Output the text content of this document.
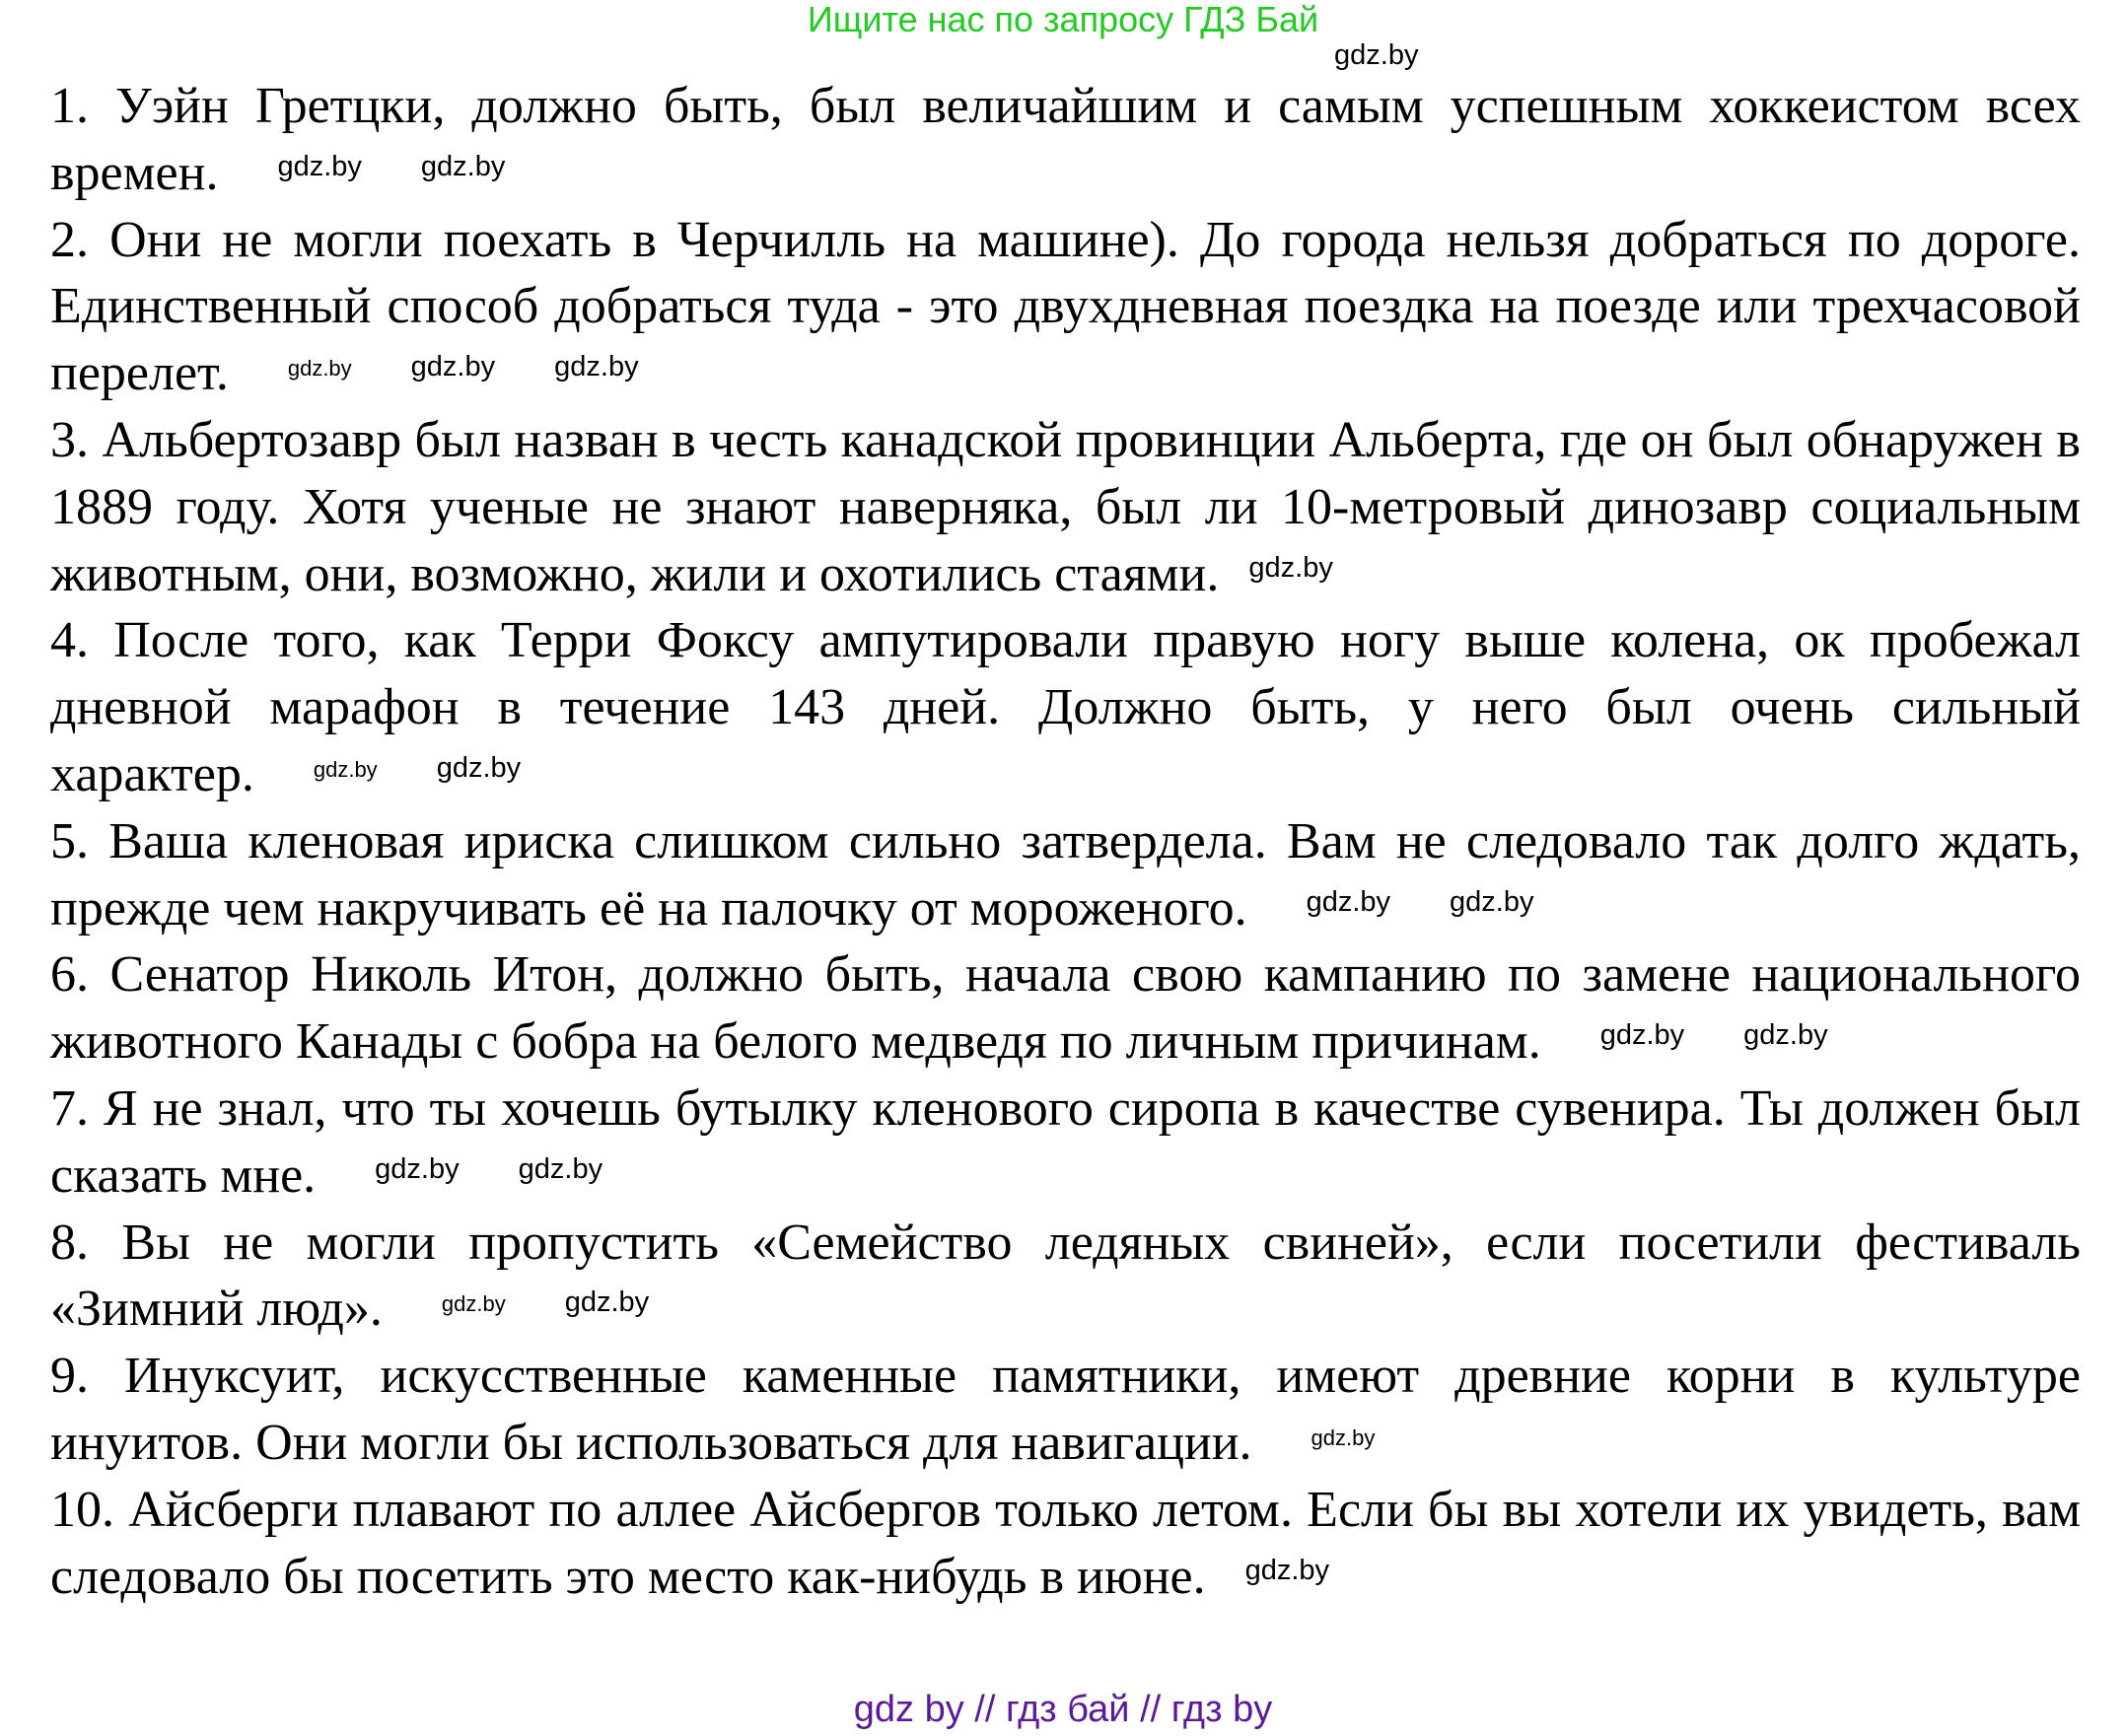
Ищите нас по запросу ГДЗ Бай
gdz.by

1. Уэйн Гретцки, должно быть, был величайшим и самым успешным хоккеистом всех времен. $^{gdz.by}$ $^{gdz.by}$

2. Они не могли поехать в Черчилль на машине). До города нельзя добраться по дороге. Единственный способ добраться туда - это двухдневная поездка на поезде или трехчасовой перелет.	$^{gdz.by}$ $^{gdz.by}$ $^{gdz.by}$

3. Альбертозавр был назван в честь канадской провинции Альберта, где он был обнаружен в 1889 году. Хотя ученые не знают наверняка, был ли 10-метровый динозавр социальным животным, они, возможно, жили и охотились стаями. $^{gdz.by}$

4. После того, как Терри Фоксу ампутировали правую ногу выше колена, ок пробежал дневной марафон в течение 143 дней. Должно быть, у него был очень сильный характер.	$^{gdz.by}$ $^{gdz.by}$

5. Ваша кленовая ириска слишком сильно затвердела. Вам не следовало так долго ждать, прежде чем накручивать её на палочку от мороженого. $^{gdz.by}$ $^{gdz.by}$

6. Сенатор Николь Итон, должно быть, начала свою кампанию по замене национального животного Канады с бобра на белого медведя по личным причинам. $^{gdz.by}$ $^{gdz.by}$

7. Я не знал, что ты хочешь бутылку кленового сиропа в качестве сувенира. Ты должен был сказать мне. $^{gdz.by}$ $^{gdz.by}$

8. Вы не могли пропустить «Семейство ледяных свиней», если посетили фестиваль «Зимний люд».	$^{gdz.by}$ $^{gdz.by}$

9. Инуксуит, искусственные каменные памятники, имеют древние корни в культуре инуитов. Они могли бы использоваться для навигации.	$^{gdz.by}$

10. Айсберги плавают по аллее Айсбергов только летом. Если бы вы хотели их увидеть, вам следовало бы посетить это место как-нибудь в июне. $^{gdz.by}$

gdz by // гдз бай // гдз by
